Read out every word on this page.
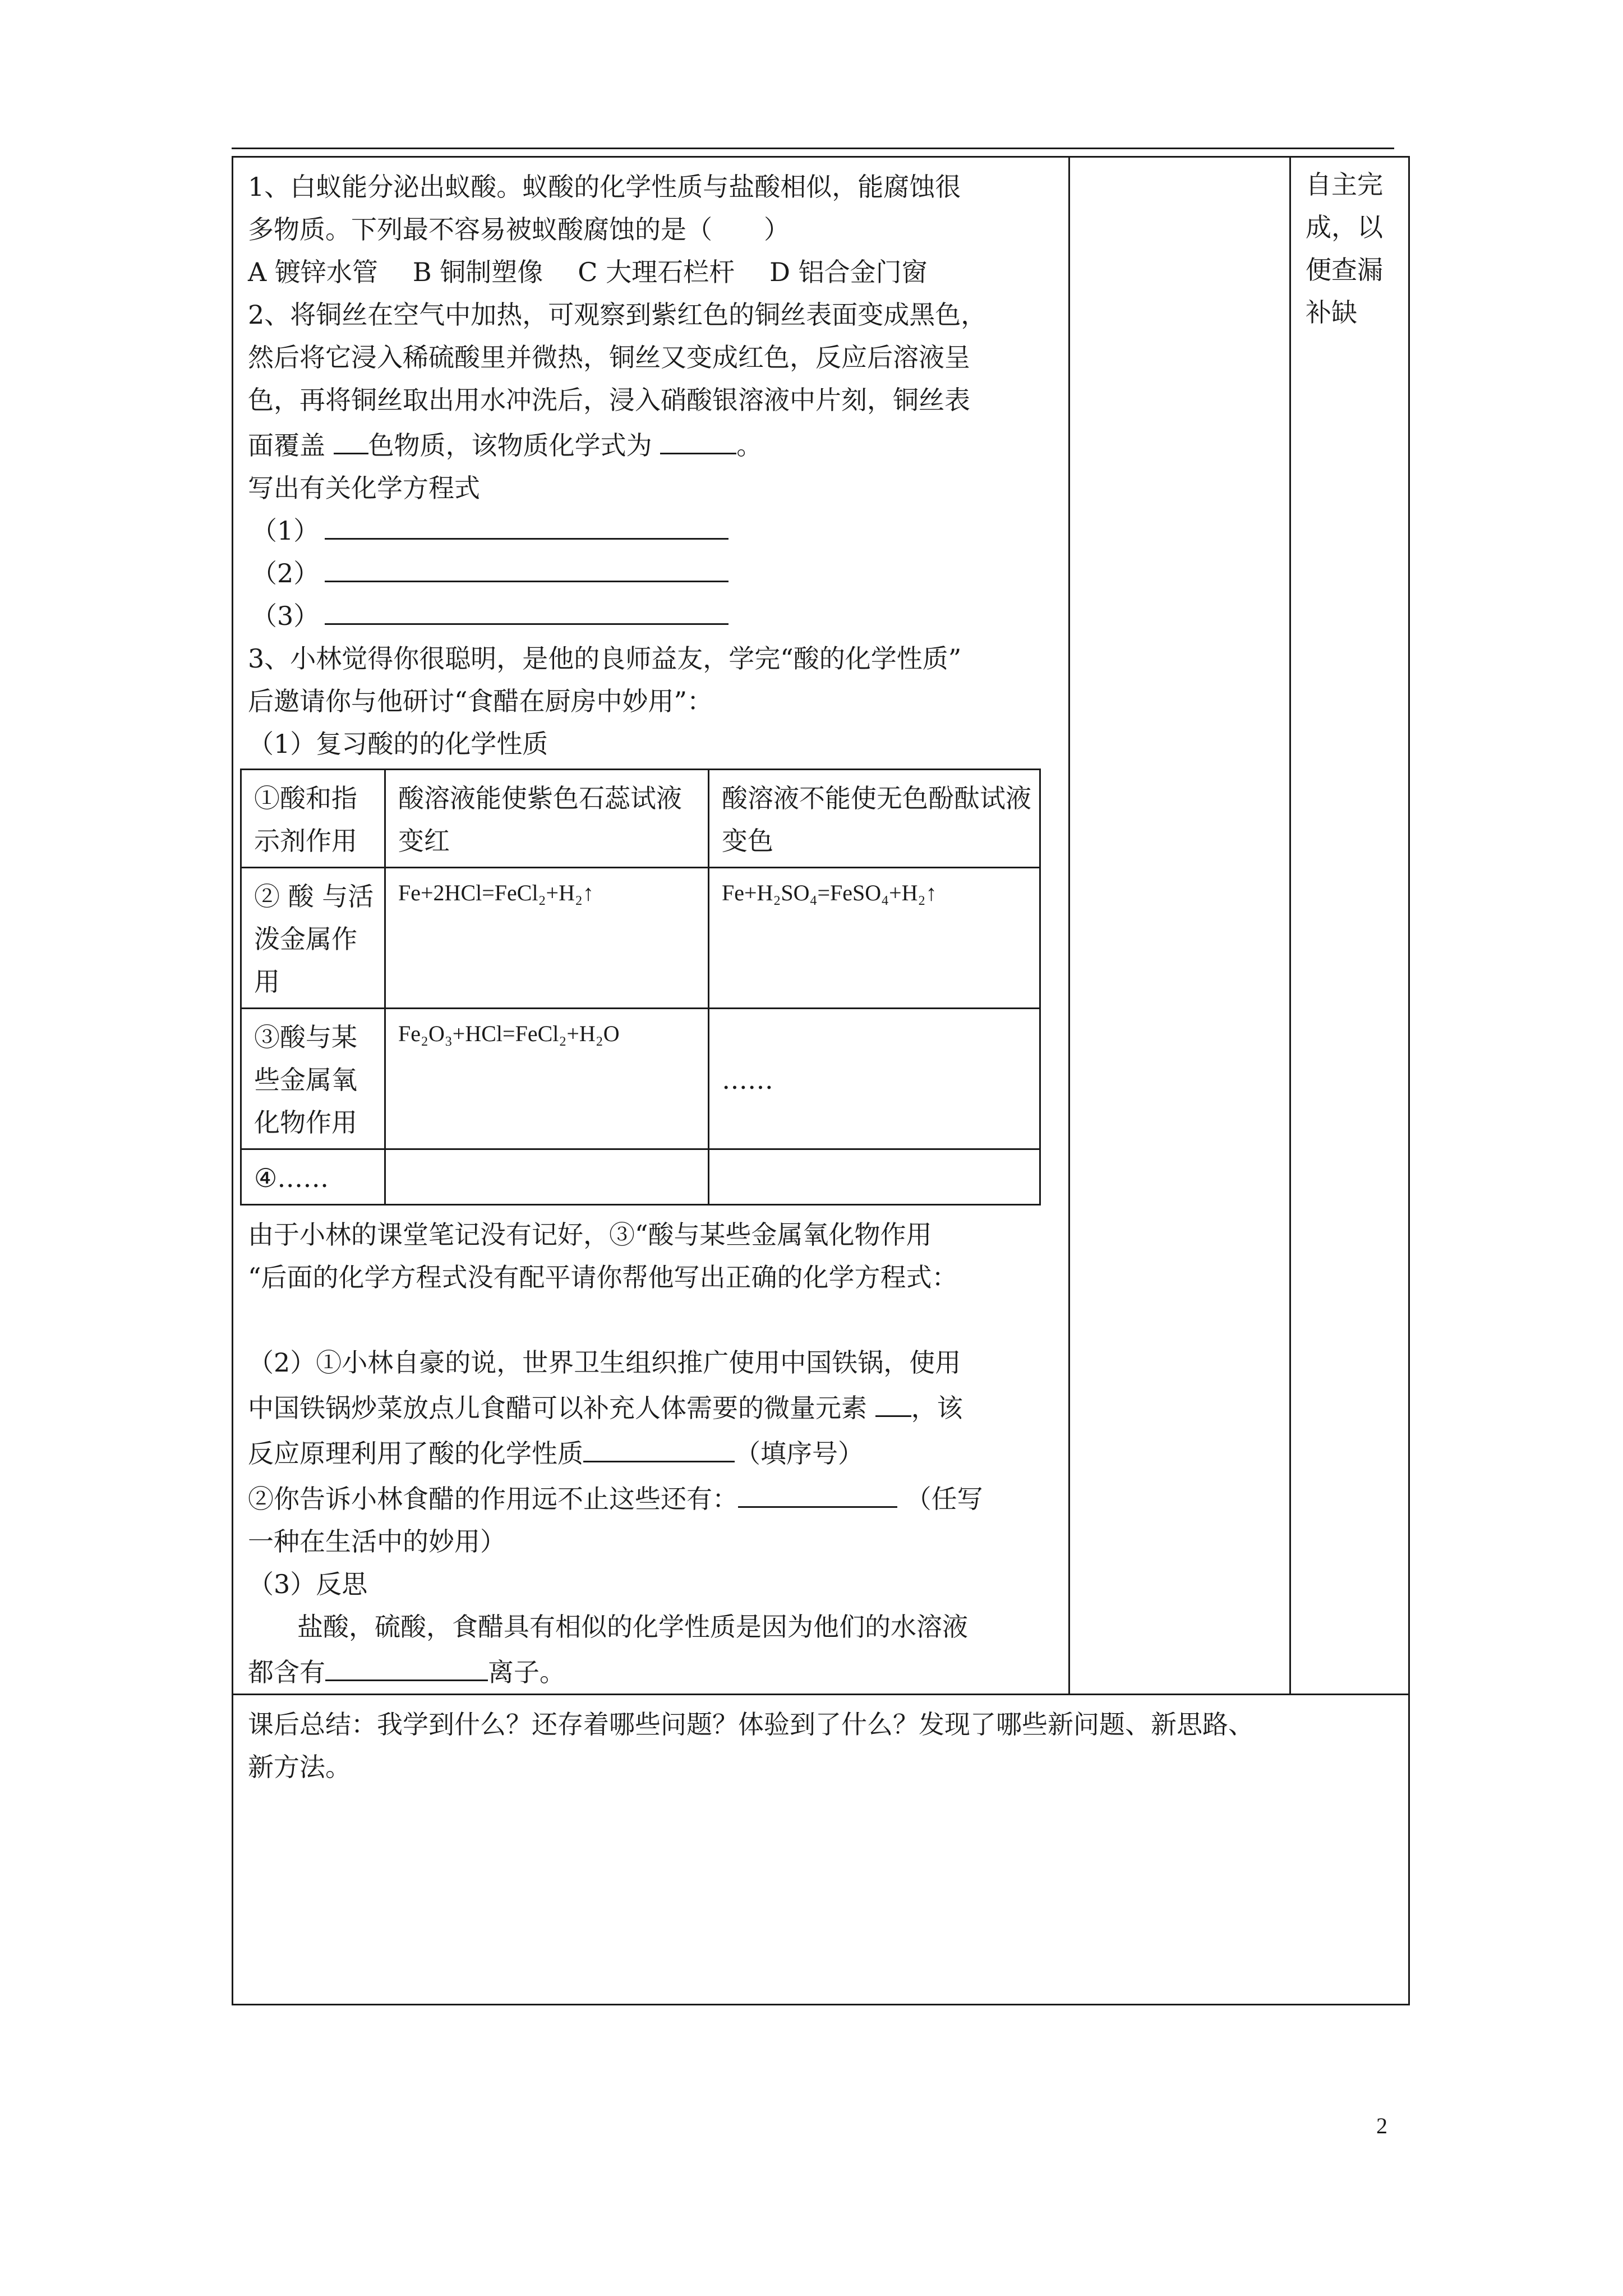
1、白蚁能分泌出蚁酸。蚁酸的化学性质与盐酸相似，能腐蚀很

多物质。下列最不容易被蚁酸腐蚀的是（　　）

A 镀锌水管 B 铜制塑像 C 大理石栏杆 D 铝合金门窗

2、将铜丝在空气中加热，可观察到紫红色的铜丝表面变成黑色，

然后将它浸入稀硫酸里并微热，铜丝又变成红色，反应后溶液呈

色，再将铜丝取出用水冲洗后，浸入硝酸银溶液中片刻，铜丝表

面覆盖 色物质，该物质化学式为	。

写出有关化学方程式

（1）

（2）

（3）

3、小林觉得你很聪明，是他的良师益友，学完“酸的化学性质”

后邀请你与他研讨“食醋在厨房中妙用”：

（1）复习酸的的化学性质

①酸和指示剂作用	酸溶液能使紫色石蕊试液变红	酸溶液不能使无色酚酞试液变色
② 酸 与活泼金属作用	Fe+2HCl=FeCl₂+H₂↑	Fe+H₂SO₄=FeSO₄+H₂↑
③酸与某些金属氧化物作用	Fe₂O₃+HCl=FeCl₂+H₂O	……
④……		

由于小林的课堂笔记没有记好，③“酸与某些金属氧化物作用

“后面的化学方程式没有配平请你帮他写出正确的化学方程式：

（2）①小林自豪的说，世界卫生组织推广使用中国铁锅，使用

中国铁锅炒菜放点儿食醋可以补充人体需要的微量元素 ，该

反应原理利用了酸的化学性质	（填序号）

②你告诉小林食醋的作用远不止这些还有：	（任写

一种在生活中的妙用）

（3）反思

盐酸，硫酸，食醋具有相似的化学性质是因为他们的水溶液

都含有	离子。

		自主完成，以便查漏补缺

课后总结：我学到什么？还存着哪些问题？体验到了什么？发现了哪些新问题、新思路、

新方法。

2
